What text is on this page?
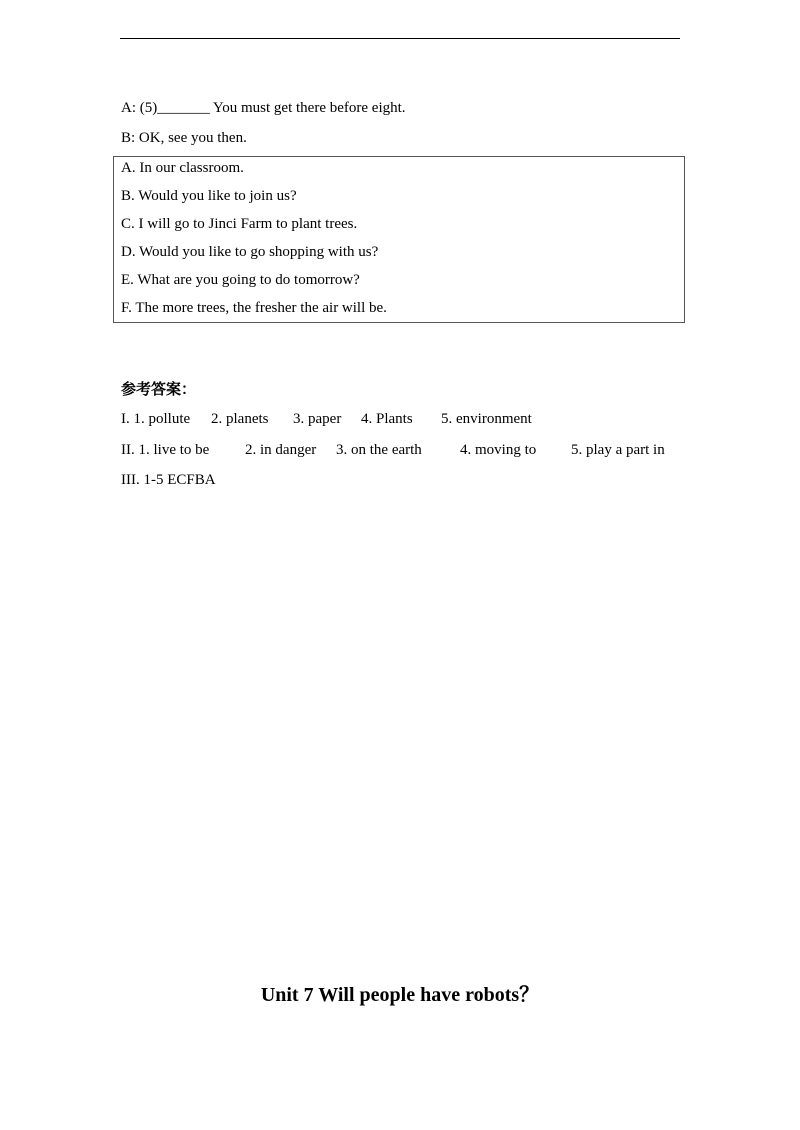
A: (5)_______ You must get there before eight.
B: OK, see you then.
A. In our classroom.
B. Would you like to join us?
C. I will go to Jinci Farm to plant trees.
D. Would you like to go shopping with us?
E. What are you going to do tomorrow?
F. The more trees, the fresher the air will be.
参考答案：
I. 1. pollute 2. planets 3. paper 4. Plants 5. environment
II. 1. live to be 2. in danger 3. on the earth	4. moving to 5. play a part in
III. 1-5 ECFBA
Unit 7 Will people have robots？
